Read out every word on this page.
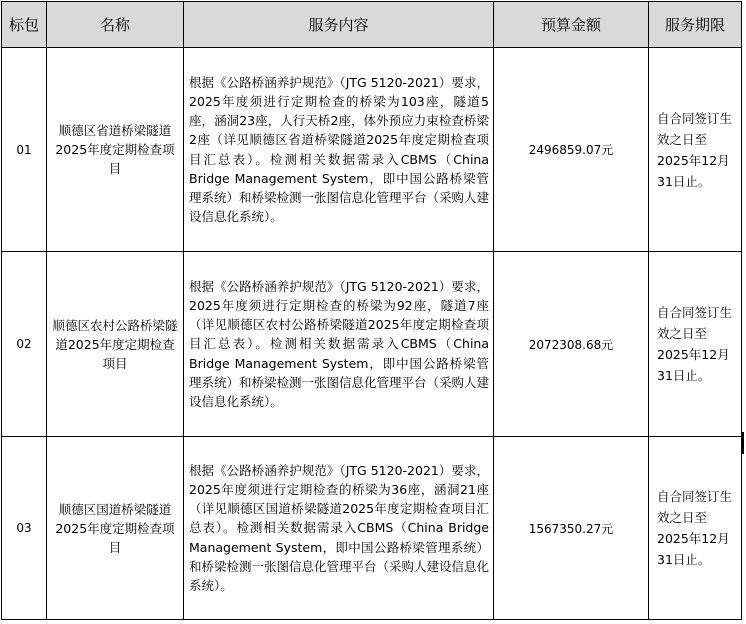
标包	名称	服务内容	预算金额	服务期限
01	顺德区省道桥梁隧道2025年度定期检查项目	根据《公路桥涵养护规范》（JTG 5120-2021）要求，2025年度须进行定期检查的桥梁为103座，隧道5座，涵洞23座，人行天桥2座，体外预应力束检查桥梁2座（详见顺德区省道桥梁隧道2025年度定期检查项目汇总表）。检测相关数据需录入CBMS（China Bridge Management System，即中国公路桥梁管理系统）和桥梁检测一张图信息化管理平台（采购人建设信息化系统）。	2496859.07元	自合同签订生效之日至2025年12月31日止。
02	顺德区农村公路桥梁隧道2025年度定期检查项目	根据《公路桥涵养护规范》（JTG 5120-2021）要求，2025年度须进行定期检查的桥梁为92座，隧道7座（详见顺德区农村公路桥梁隧道2025年度定期检查项目汇总表）。检测相关数据需录入CBMS（China Bridge Management System，即中国公路桥梁管理系统）和桥梁检测一张图信息化管理平台（采购人建设信息化系统）。	2072308.68元	自合同签订生效之日至2025年12月31日止。
03	顺德区国道桥梁隧道2025年度定期检查项目	根据《公路桥涵养护规范》（JTG 5120-2021）要求，2025年度须进行定期检查的桥梁为36座，涵洞21座（详见顺德区国道桥梁隧道2025年度定期检查项目汇总表）。检测相关数据需录入CBMS（China Bridge Management System，即中国公路桥梁管理系统）和桥梁检测一张图信息化管理平台（采购人建设信息化系统）。	1567350.27元	自合同签订生效之日至2025年12月31日止。
